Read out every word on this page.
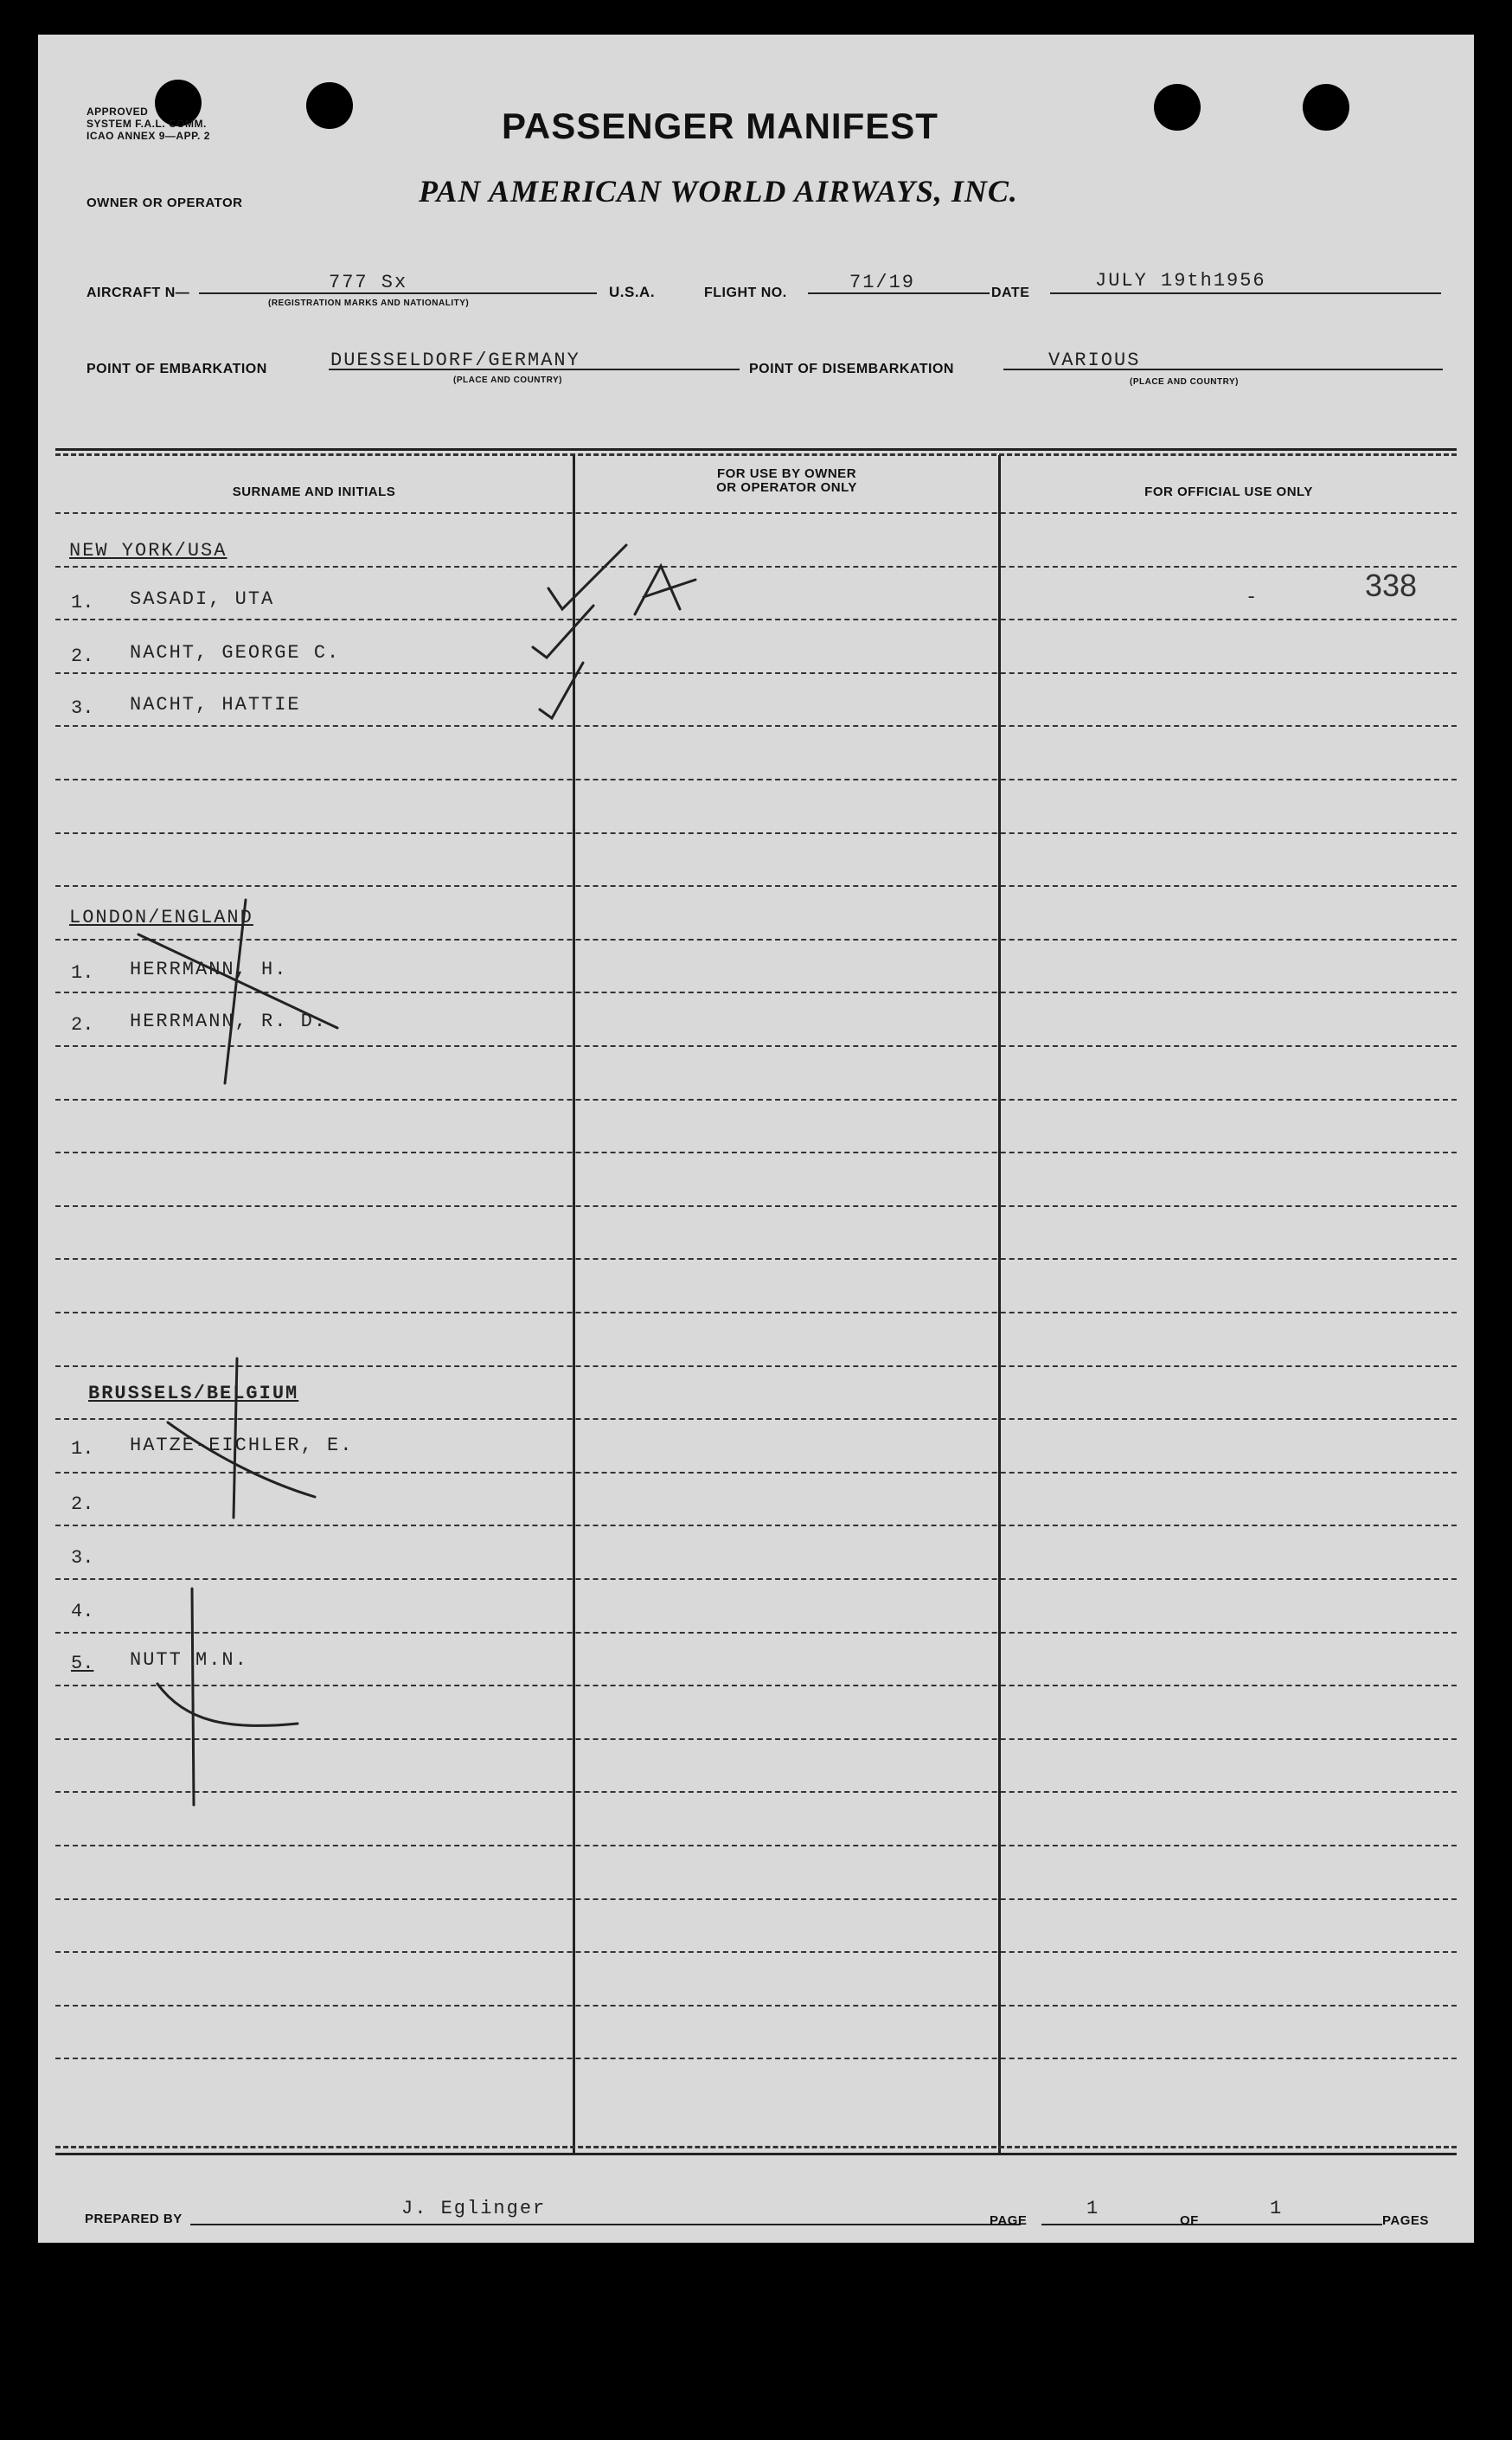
APPROVED
SYSTEM F.A.L. COMM.
ICAO ANNEX 9—APP. 2	PASSENGER MANIFEST
OWNER OR OPERATOR	PAN AMERICAN WORLD AIRWAYS, INC.
AIRCRAFT N—	777 Sx
(REGISTRATION MARKS AND NATIONALITY)
U.S.A.	FLIGHT NO.	71/19	DATE
JULY 19th1956
POINT OF EMBARKATION	DUESSELDORF/GERMANY
(PLACE AND COUNTRY)
POINT OF DISEMBARKATION	VARIOUS
(PLACE AND COUNTRY)
SURNAME AND INITIALS
FOR USE BY OWNER
OR OPERATOR ONLY	FOR OFFICIAL USE ONLY
NEW YORK/USA
1. SASADI, UTA
2. NACHT, GEORGE C.
3. NACHT, HATTIE
LONDON/ENGLAND
1. HERRMANN, H.
2. HERRMANN, R. D.
BRUSSELS/BELGIUM
1. HATZE-EICHLER, E.
2.
3.
4.
5. NUTT M.N.
-	338
PREPARED BY	J. Eglinger
PAGE
1
OF
1
PAGES
